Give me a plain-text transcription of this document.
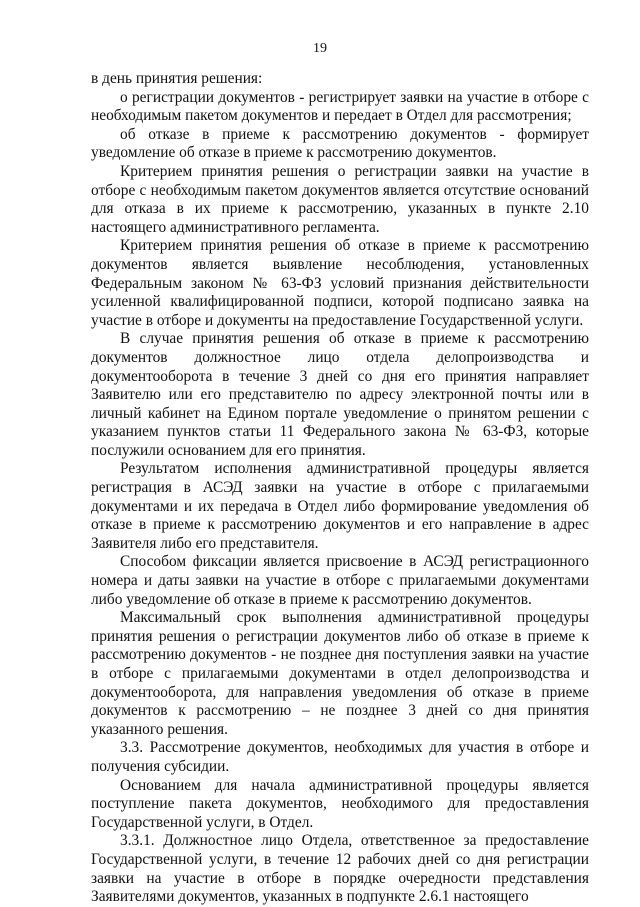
19

в день принятия решения:

о регистрации документов - регистрирует заявки на участие в отборе с необходимым пакетом документов и передает в Отдел для рассмотрения;

об отказе в приеме к рассмотрению документов - формирует уведомление об отказе в приеме к рассмотрению документов.

Критерием принятия решения о регистрации заявки на участие в отборе с необходимым пакетом документов является отсутствие оснований для отказа в их приеме к рассмотрению, указанных в пункте 2.10 настоящего административного регламента.

Критерием принятия решения об отказе в приеме к рассмотрению документов является выявление несоблюдения, установленных Федеральным законом № 63-ФЗ условий признания действительности усиленной квалифицированной подписи, которой подписано заявка на участие в отборе и документы на предоставление Государственной услуги.

В случае принятия решения об отказе в приеме к рассмотрению документов должностное лицо отдела делопроизводства и документооборота в течение 3 дней со дня его принятия направляет Заявителю или его представителю по адресу электронной почты или в личный кабинет на Едином портале уведомление о принятом решении с указанием пунктов статьи 11 Федерального закона № 63-ФЗ, которые послужили основанием для его принятия.

Результатом исполнения административной процедуры является регистрация в АСЭД заявки на участие в отборе с прилагаемыми документами и их передача в Отдел либо формирование уведомления об отказе в приеме к рассмотрению документов и его направление в адрес Заявителя либо его представителя.

Способом фиксации является присвоение в АСЭД регистрационного номера и даты заявки на участие в отборе с прилагаемыми документами либо уведомление об отказе в приеме к рассмотрению документов.

Максимальный срок выполнения административной процедуры принятия решения о регистрации документов либо об отказе в приеме к рассмотрению документов - не позднее дня поступления заявки на участие в отборе с прилагаемыми документами в отдел делопроизводства и документооборота, для направления уведомления об отказе в приеме документов к рассмотрению – не позднее 3 дней со дня принятия указанного решения.

3.3. Рассмотрение документов, необходимых для участия в отборе и получения субсидии.

Основанием для начала административной процедуры является поступление пакета документов, необходимого для предоставления Государственной услуги, в Отдел.

3.3.1. Должностное лицо Отдела, ответственное за предоставление Государственной услуги, в течение 12 рабочих дней со дня регистрации заявки на участие в отборе в порядке очередности представления Заявителями документов, указанных в подпункте 2.6.1 настоящего
